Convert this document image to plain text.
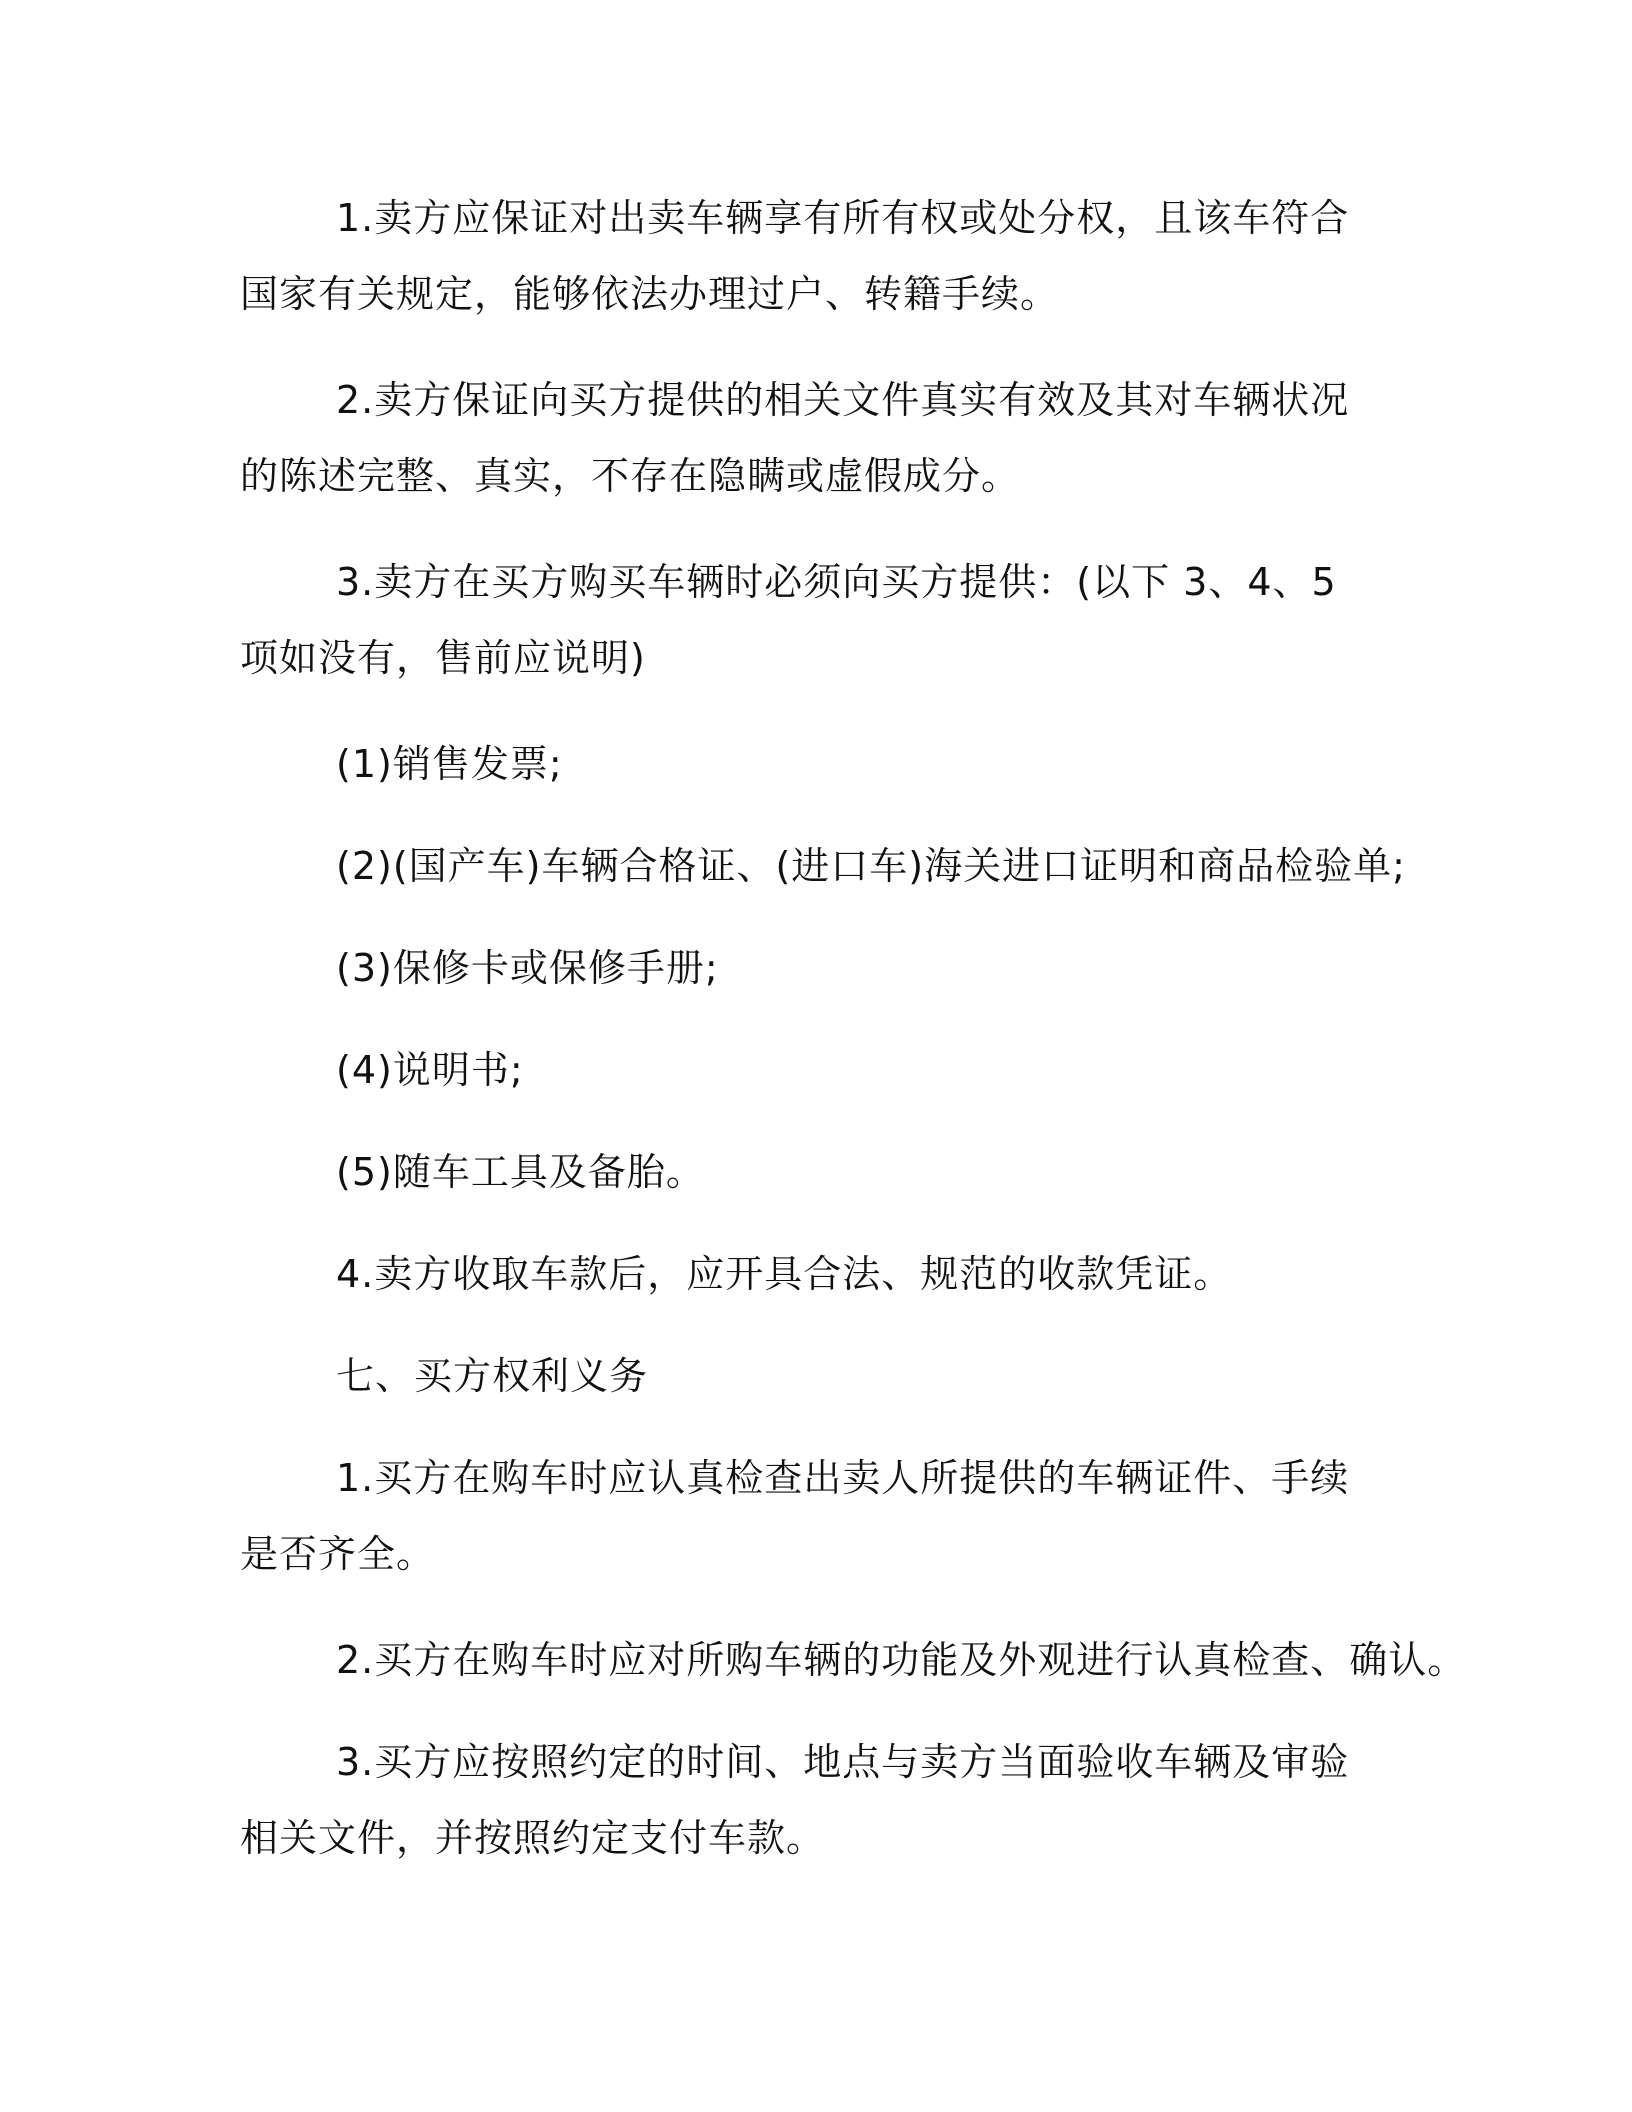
1.卖方应保证对出卖车辆享有所有权或处分权，且该车符合国家有关规定，能够依法办理过户、转籍手续。

2.卖方保证向买方提供的相关文件真实有效及其对车辆状况的陈述完整、真实，不存在隐瞒或虚假成分。

3.卖方在买方购买车辆时必须向买方提供：(以下 3、4、5 项如没有，售前应说明)

(1)销售发票;

(2)(国产车)车辆合格证、(进口车)海关进口证明和商品检验单;

(3)保修卡或保修手册;

(4)说明书;

(5)随车工具及备胎。

4.卖方收取车款后，应开具合法、规范的收款凭证。

七、买方权利义务

1.买方在购车时应认真检查出卖人所提供的车辆证件、手续是否齐全。

2.买方在购车时应对所购车辆的功能及外观进行认真检查、确认。

3.买方应按照约定的时间、地点与卖方当面验收车辆及审验相关文件，并按照约定支付车款。
